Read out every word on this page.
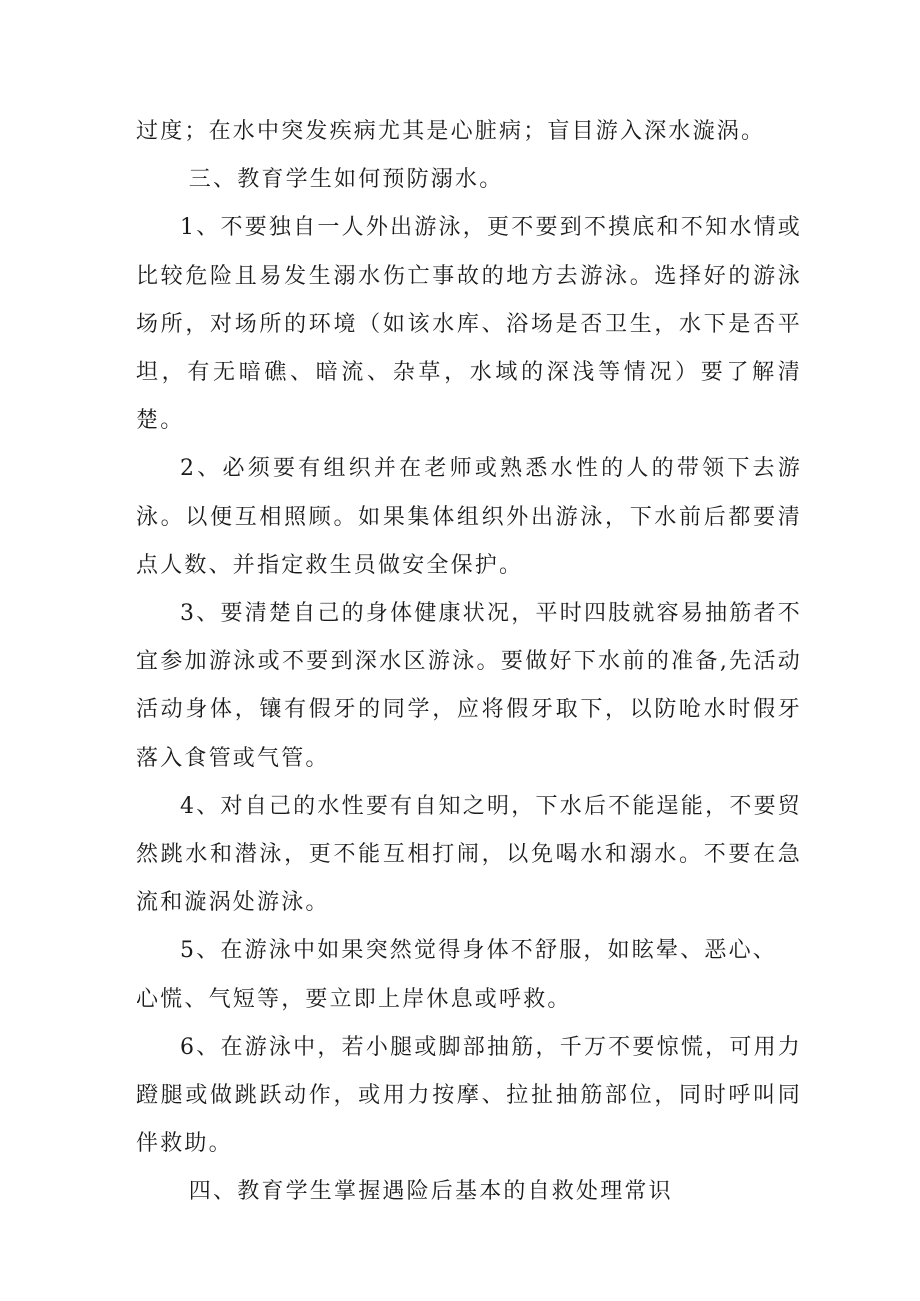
过度；在水中突发疾病尤其是心脏病；盲目游入深水漩涡。

三、教育学生如何预防溺水。

1、不要独自一人外出游泳，更不要到不摸底和不知水情或比较危险且易发生溺水伤亡事故的地方去游泳。选择好的游泳场所，对场所的环境（如该水库、浴场是否卫生，水下是否平坦，有无暗礁、暗流、杂草，水域的深浅等情况）要了解清楚。

2、必须要有组织并在老师或熟悉水性的人的带领下去游泳。以便互相照顾。如果集体组织外出游泳，下水前后都要清点人数、并指定救生员做安全保护。

3、要清楚自己的身体健康状况，平时四肢就容易抽筋者不宜参加游泳或不要到深水区游泳。要做好下水前的准备,先活动活动身体，镶有假牙的同学，应将假牙取下，以防呛水时假牙落入食管或气管。

4、对自己的水性要有自知之明，下水后不能逞能，不要贸然跳水和潜泳，更不能互相打闹，以免喝水和溺水。不要在急流和漩涡处游泳。

5、在游泳中如果突然觉得身体不舒服，如眩晕、恶心、

心慌、气短等，要立即上岸休息或呼救。

6、在游泳中，若小腿或脚部抽筋，千万不要惊慌，可用力蹬腿或做跳跃动作，或用力按摩、拉扯抽筋部位，同时呼叫同伴救助。

四、教育学生掌握遇险后基本的自救处理常识
